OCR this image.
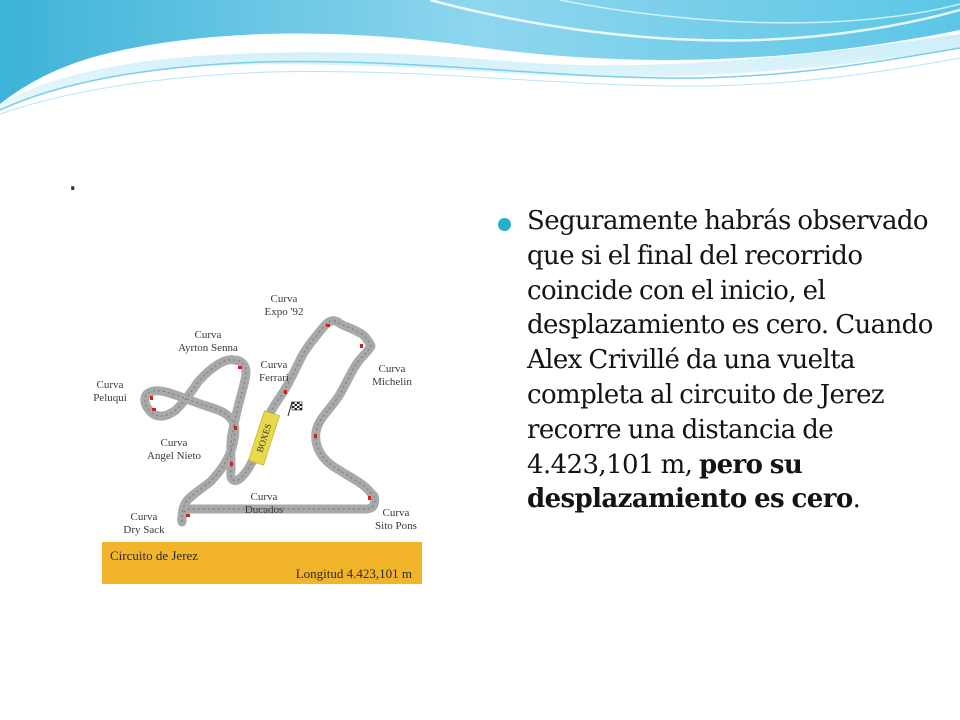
.
BOXES
Curva Expo '92
Curva Ayrton Senna
Curva Ferrari
Curva Michelin
Curva Peluqui
Curva Angel Nieto
Curva Ducados	Curva Sito Pons
Curva Dry Sack
Circuito de Jerez
Longitud 4.423,101 m

Seguramente habrás observado que si el final del recorrido coincide con el inicio, el desplazamiento es cero. Cuando Alex Crivillé da una vuelta completa al circuito de Jerez recorre una distancia de 4.423,101 m, pero su desplazamiento es cero.
